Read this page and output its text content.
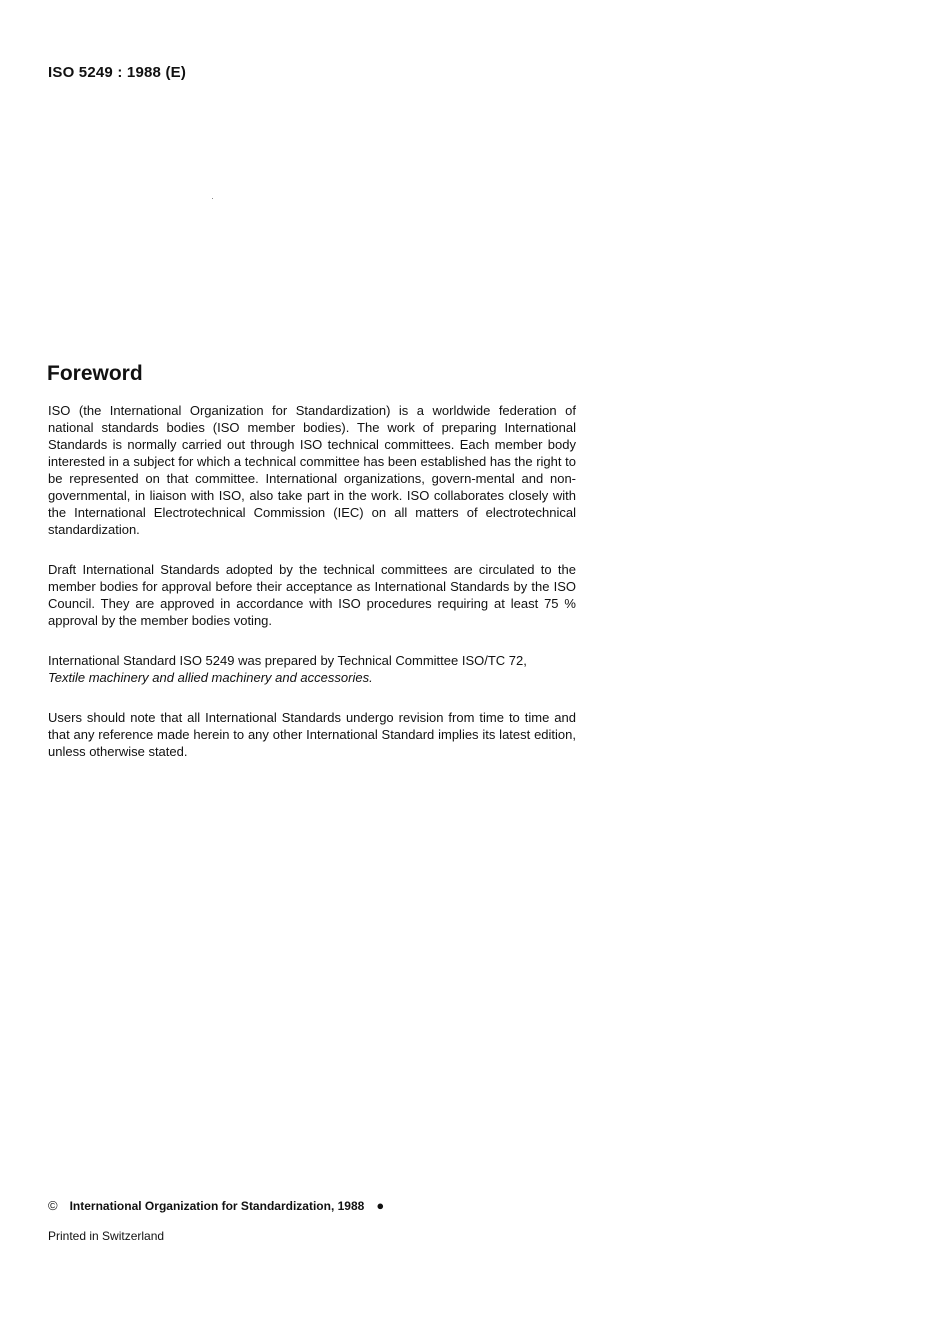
ISO 5249 : 1988 (E)
Foreword

ISO (the International Organization for Standardization) is a worldwide federation of national standards bodies (ISO member bodies). The work of preparing International Standards is normally carried out through ISO technical committees. Each member body interested in a subject for which a technical committee has been established has the right to be represented on that committee. International organizations, govern-mental and non-governmental, in liaison with ISO, also take part in the work. ISO collaborates closely with the International Electrotechnical Commission (IEC) on all matters of electrotechnical standardization.

Draft International Standards adopted by the technical committees are circulated to the member bodies for approval before their acceptance as International Standards by the ISO Council. They are approved in accordance with ISO procedures requiring at least 75 % approval by the member bodies voting.

International Standard ISO 5249 was prepared by Technical Committee ISO/TC 72,
Textile machinery and allied machinery and accessories.

Users should note that all International Standards undergo revision from time to time and that any reference made herein to any other International Standard implies its latest edition, unless otherwise stated.

© International Organization for Standardization, 1988 ●
Printed in Switzerland
